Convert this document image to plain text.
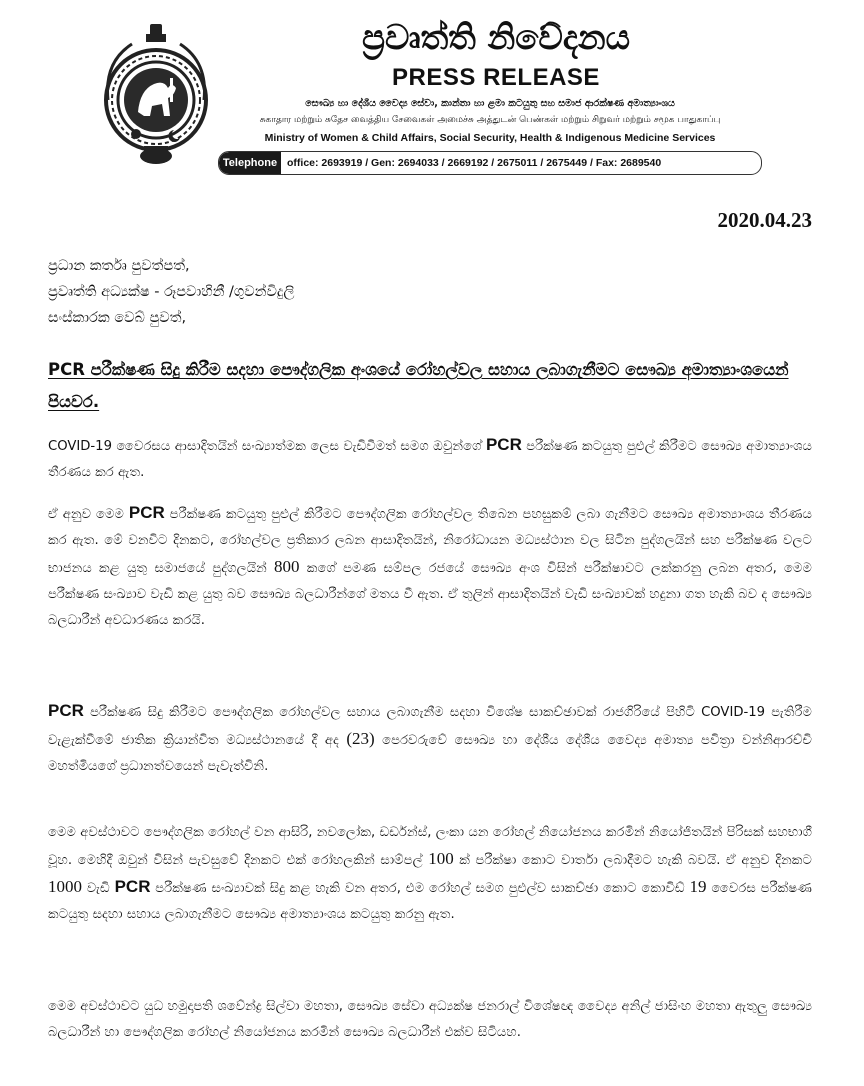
ප්‍රවෘත්ති නිවේදනය
PRESS RELEASE
සෞඛ්‍ය හා දේශීය වෛද්‍ය සේවා, කාන්තා හා ළමා කටයුතු සහ සමාජ ආරක්ෂණ අමාත්‍යාංශය
சுகாதார மற்றும் சுதேச வைத்திய சேவைகள் அமைச்சு அத்துடன் பெண்கள் மற்றும் சிறுவர் மற்றும் சமூக பாதுகாப்பு
Ministry of Women & Child Affairs, Social Security, Health & Indigenous Medicine Services
Telephone office: 2693919 / Gen: 2694033 / 2669192 / 2675011 / 2675449 / Fax: 2689540
2020.04.23
ප්‍රධාන කර්තෘ පුවත්පත්,
ප්‍රවෘත්ති අධ්‍යක්ෂ - රූපවාහිනී /ගුවන්විදුලි
සංස්කාරක වෙබ් පුවත්,
PCR පරීක්ෂණ සිදු කිරීම සදහා පෞද්ගලික අංශයේ රෝහල්වල සහාය ලබාගැනීමට සෞඛ්‍ය අමාත්‍යාංශයෙන් පියවර.

COVID-19 වෛරසය ආසාදිතයින් සංඛ්‍යාත්මක ලෙස වැඩිවීමත් සමග ඔවුන්ගේ PCR පරීක්ෂණ කටයුතු පුළුල් කිරීමට සෞඛ්‍ය අමාත්‍යාංශය තීරණය කර ඇත.

ඒ අනුව මෙම PCR පරීක්ෂණ කටයුතු පුළුල් කිරීමට පෞද්ගලික රෝහල්වල තිබෙන පහසුකම් ලබා ගැනීමට සෞඛ්‍ය අමාත්‍යාංශය තීරණය කර ඇත. මේ වනවිට දිනකට, රෝහල්වල ප්‍රතිකාර ලබන ආසාදිතයින්, නිරෝධායන මධ්‍යස්ථාන වල සිටින පුද්ගලයින් සහ පරීක්ෂණ වලට භාජනය කළ යුතු සමාජයේ පුද්ගලයින් 800 කගේ පමණ සම්පල රජයේ සෞඛ්‍ය අංශ විසින් පරීක්ෂාවට ලක්කරනු ලබන අතර, මෙම පරීක්ෂණ සංඛ්‍යාව වැඩි කළ යුතු බව සෞඛ්‍ය බලධාරීන්ගේ මතය වී ඇත. ඒ තුලින් ආසාදිතයින් වැඩි සංඛ්‍යාවක් හදුනා ගත හැකි බව ද සෞඛ්‍ය බලධාරීන් අවධාරණය කරයි.

PCR පරීක්ෂණ සිදු කිරීමට පෞද්ගලික රෝහල්වල සහාය ලබාගැනීම සදහා විශේෂ සාකච්ඡාවක් රාජගිරියේ පිහිටි COVID-19 පැතිරීම වැළැක්වීමේ ජාතික ක්‍රියාන්විත මධ්‍යස්ථානයේ දී අද (23) පෙරවරුවේ සෞඛ්‍ය හා දේශීය දේශීය වෛද්‍ය අමාත්‍ය පවිත්‍රා වන්නිආරච්චි මහත්මියගේ ප්‍රධානත්වයෙන් පැවැත්විනි.

මෙම අවස්ථාවට පෞද්ගලික රෝහල් වන ආසිරි, නවලෝක, ඩර්ඩන්ස්, ලංකා යන රෝහල් නියෝජනය කරමින් නියෝජිතයින් පිරිසක් සහභාගී වූහ. මෙහිදී ඔවුන් විසින් පැවසුවේ දිනකට එක් රෝහලකින් සාම්පල් 100 ක් පරීක්ෂා කොට වාර්තා ලබාදීමට හැකි බවයි. ඒ අනුව දිනකට 1000 වැඩි PCR පරීක්ෂණ සංඛ්‍යාවක් සිදු කළ හැකි වන අතර, එම රෝහල් සමග පුළුල්ව සාකච්ඡා කොට කොවිඩ් 19 වෛරස පරීක්ෂණ කටයුතු සදහා සහාය ලබාගැනීමට සෞඛ්‍ය අමාත්‍යාංශය කටයුතු කරනු ඇත.

මෙම අවස්ථාවට යුධ හමුදාපති ශවේන්ද්‍ර සිල්වා මහතා, සෞඛ්‍ය සේවා අධ්‍යක්ෂ ජනරාල් විශේෂඥ වෛද්‍ය අනිල් ජාසිංහ මහතා ඇතුලු සෞඛ්‍ය බලධාරීන් හා පෞද්ගලික රෝහල් නියෝජනය කරමින් සෞඛ්‍ය බලධාරීන් එක්ව සිටියහ.
